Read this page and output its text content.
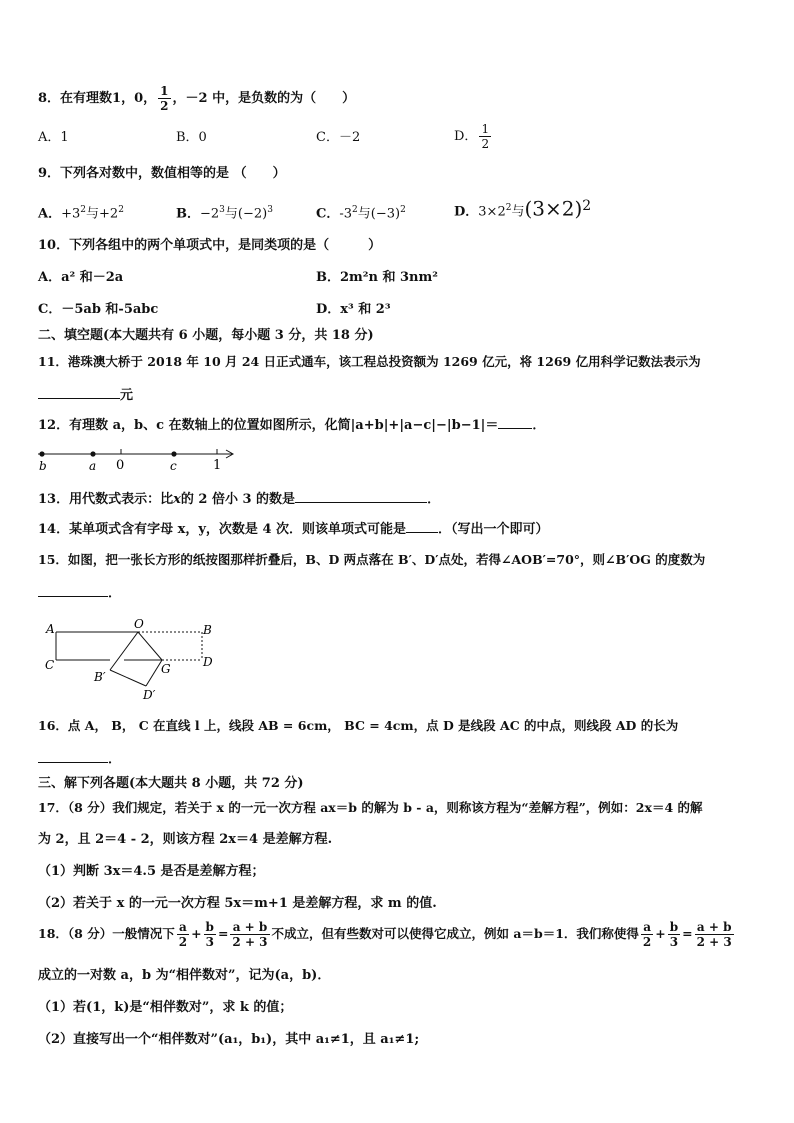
8．在有理数1，0， $\frac{1}{2}$ ，－2 中，是负数的为（　　）
A．1	B．0	C．－2	D． $\frac{1}{2}$
9．下列各对数中，数值相等的是 （　　）
A．$+3^2$与$+2^2$	B．$-2^3$与$(-2)^3$	C．$-3^2$与$(-3)^2$	D．$3\times 2^2$与$(3\times 2)^2$
10．下列各组中的两个单项式中，是同类项的是（　　　）
A．a² 和－2a	B．2m²n 和 3nm²
C．－5ab 和-5abc	D．x³ 和 2³
二、填空题(本大题共有 6 小题，每小题 3 分，共 18 分)
11．港珠澳大桥于 2018 年 10 月 24 日正式通车，该工程总投资额为 1269 亿元，将 1269 亿用科学记数法表示为
元
12．有理数 a，b、c 在数轴上的位置如图所示，化简|a+b|+|a−c|−|b−1|＝	．
b	a 0	c	1
13．用代数式表示：比x的 2 倍小 3 的数是	．
14．某单项式含有字母 x，y，次数是 4 次．则该单项式可能是 ．（写出一个即可）
15．如图，把一张长方形的纸按图那样折叠后，B、D 两点落在 B′、D′点处，若得∠AOB′=70°，则∠B′OG 的度数为
．
A	O	B
C	G	D
B′
D′
16．点 A， B， C 在直线 l 上，线段 AB = 6cm， BC = 4cm，点 D 是线段 AC 的中点，则线段 AD 的长为
．
三、解下列各题(本大题共 8 小题，共 72 分)
17．（8 分）我们规定，若关于 x 的一元一次方程 ax＝b 的解为 b - a，则称该方程为“差解方程”，例如：2x＝4 的解
为 2，且 2＝4 - 2，则该方程 2x＝4 是差解方程.
（1）判断 3x＝4.5 是否是差解方程；
（2）若关于 x 的一元一次方程 5x＝m+1 是差解方程，求 m 的值.
18．（8 分）一般情况下 $\frac{a}{2} + \frac{b}{3} = \frac{a + b}{2 + 3}$ 不成立，但有些数对可以使得它成立，例如 a＝b＝1．我们称使得 $\frac{a}{2} + \frac{b}{3} = \frac{a + b}{2 + 3}$
成立的一对数 a，b 为“相伴数对”，记为(a，b)．
（1）若(1，k)是“相伴数对”，求 k 的值；
（2）直接写出一个“相伴数对”(a₁，b₁)，其中 a₁≠1，且 a₁≠1;
